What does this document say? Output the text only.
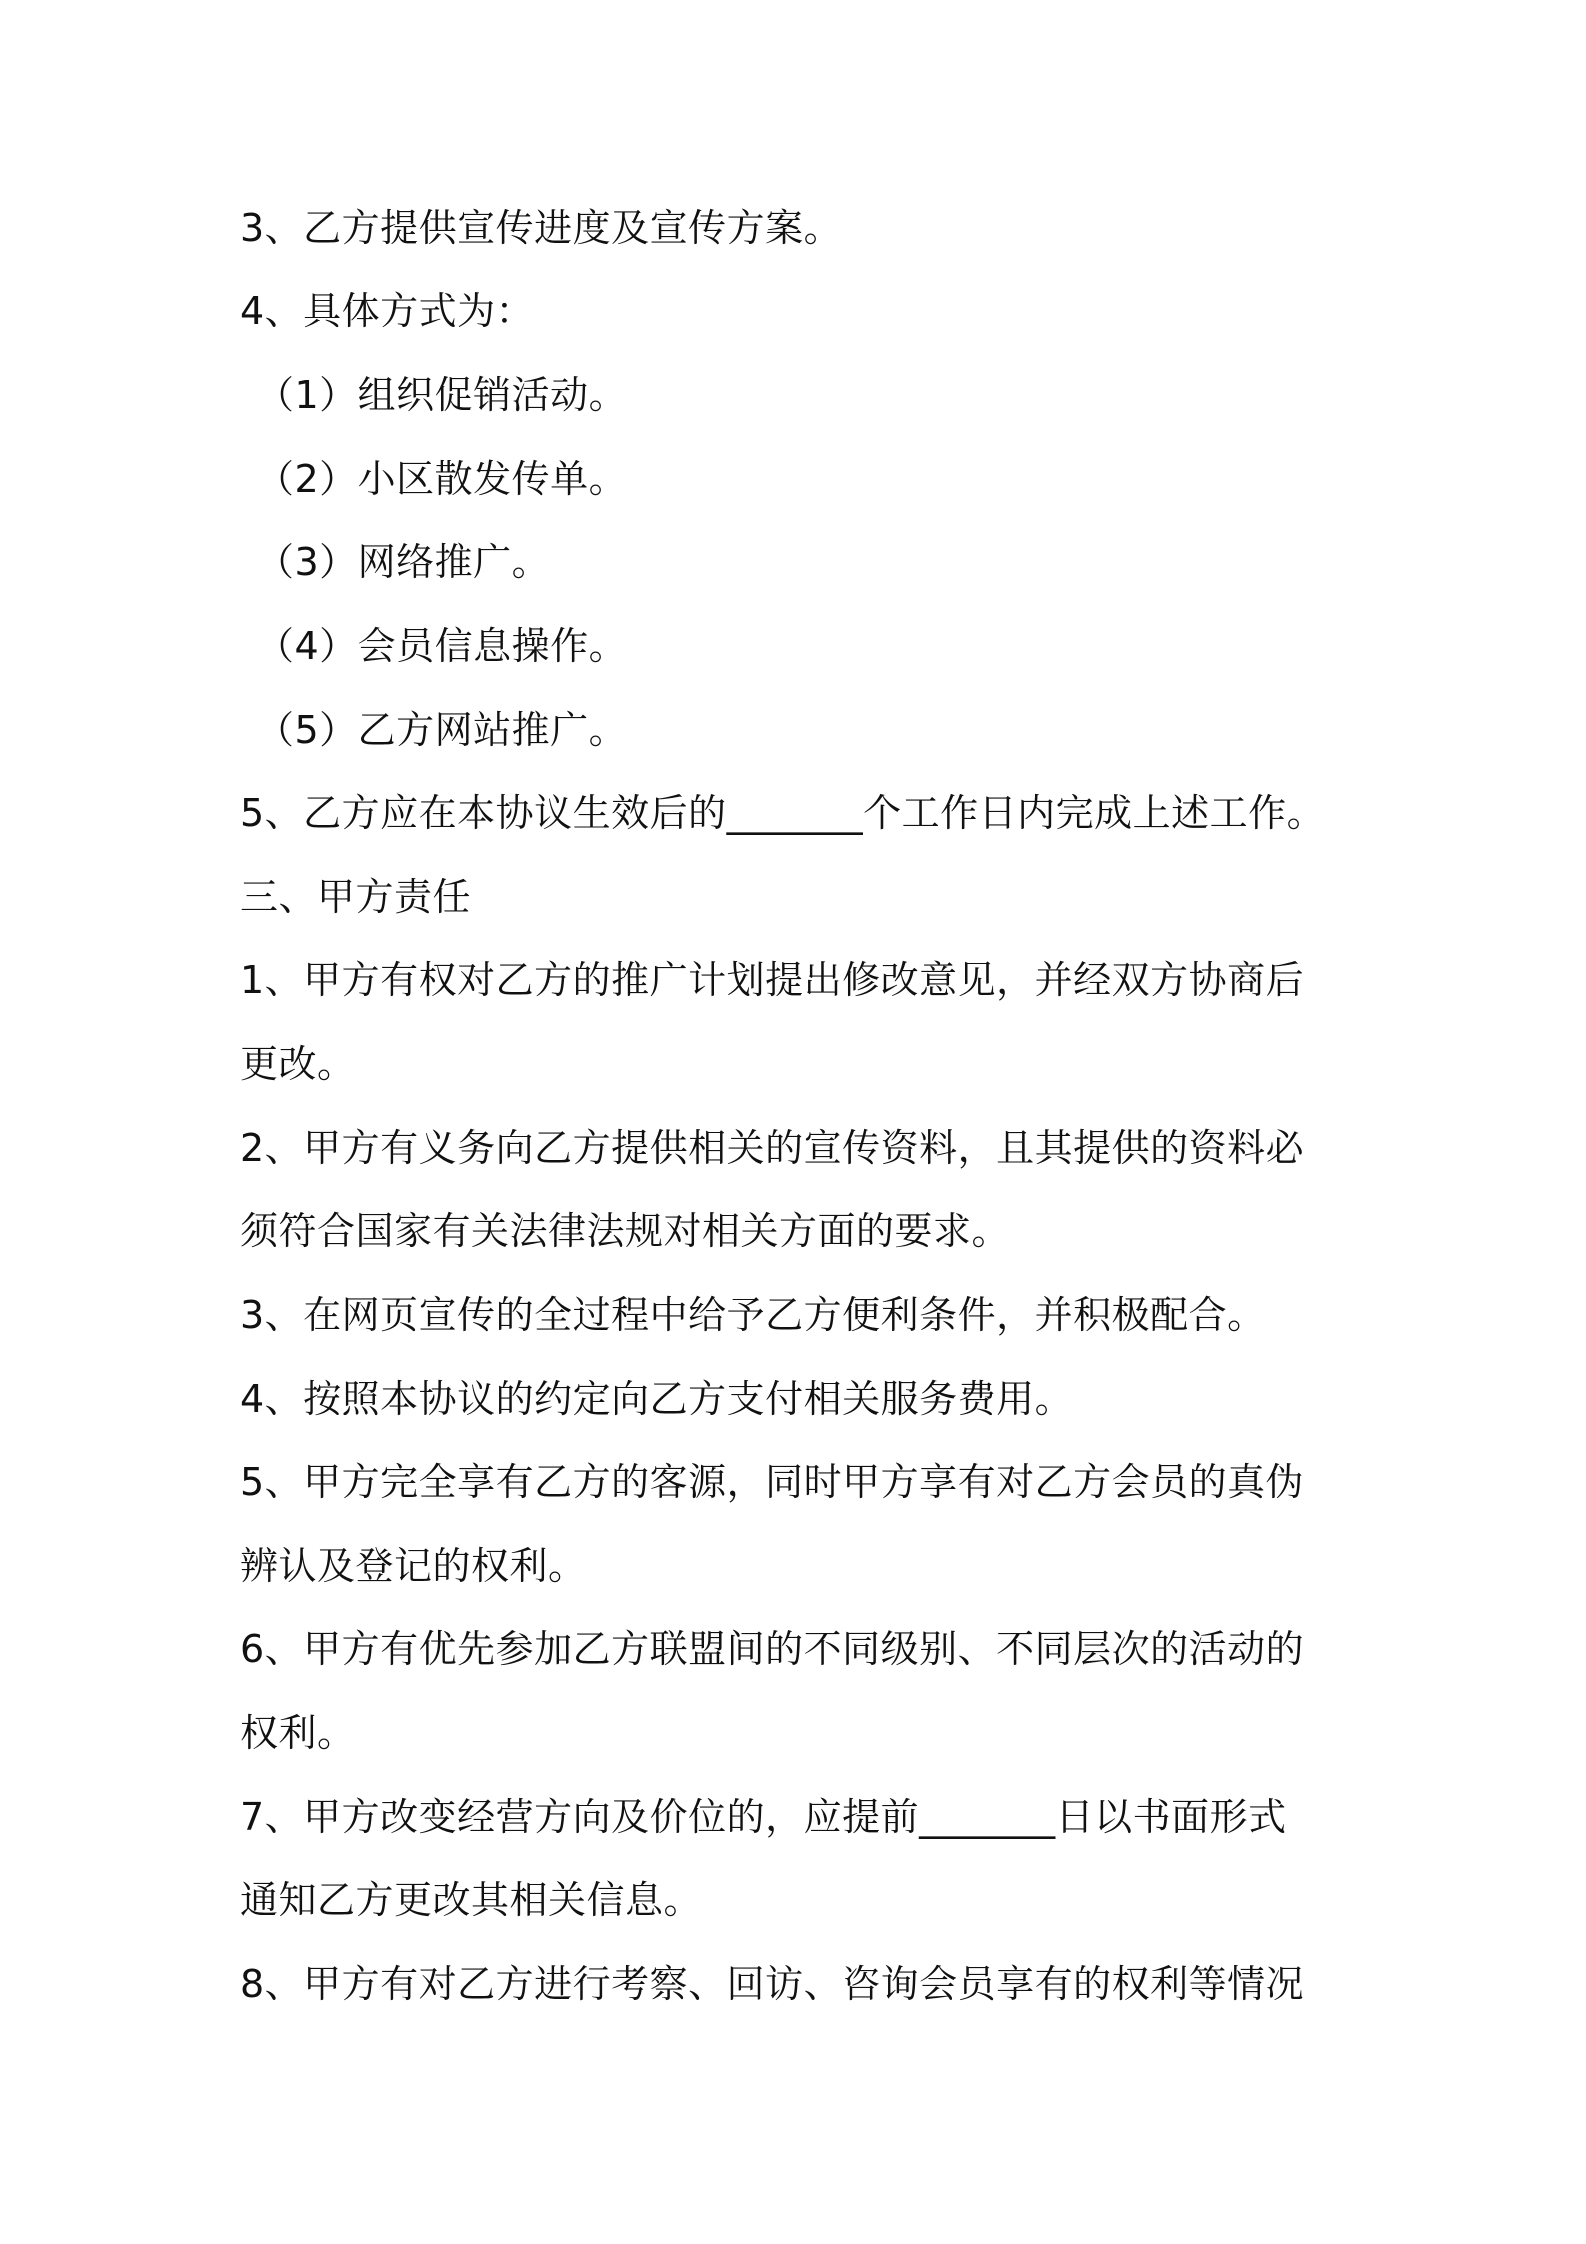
3、乙方提供宣传进度及宣传方案。
4、具体方式为：
（1）组织促销活动。
（2）小区散发传单。
（3）网络推广。
（4）会员信息操作。
（5）乙方网站推广。
5、乙方应在本协议生效后的_______个工作日内完成上述工作。
三、甲方责任
1、甲方有权对乙方的推广计划提出修改意见，并经双方协商后
更改。
2、甲方有义务向乙方提供相关的宣传资料，且其提供的资料必
须符合国家有关法律法规对相关方面的要求。
3、在网页宣传的全过程中给予乙方便利条件，并积极配合。
4、按照本协议的约定向乙方支付相关服务费用。
5、甲方完全享有乙方的客源，同时甲方享有对乙方会员的真伪
辨认及登记的权利。
6、甲方有优先参加乙方联盟间的不同级别、不同层次的活动的
权利。
7、甲方改变经营方向及价位的，应提前_______日以书面形式
通知乙方更改其相关信息。
8、甲方有对乙方进行考察、回访、咨询会员享有的权利等情况
